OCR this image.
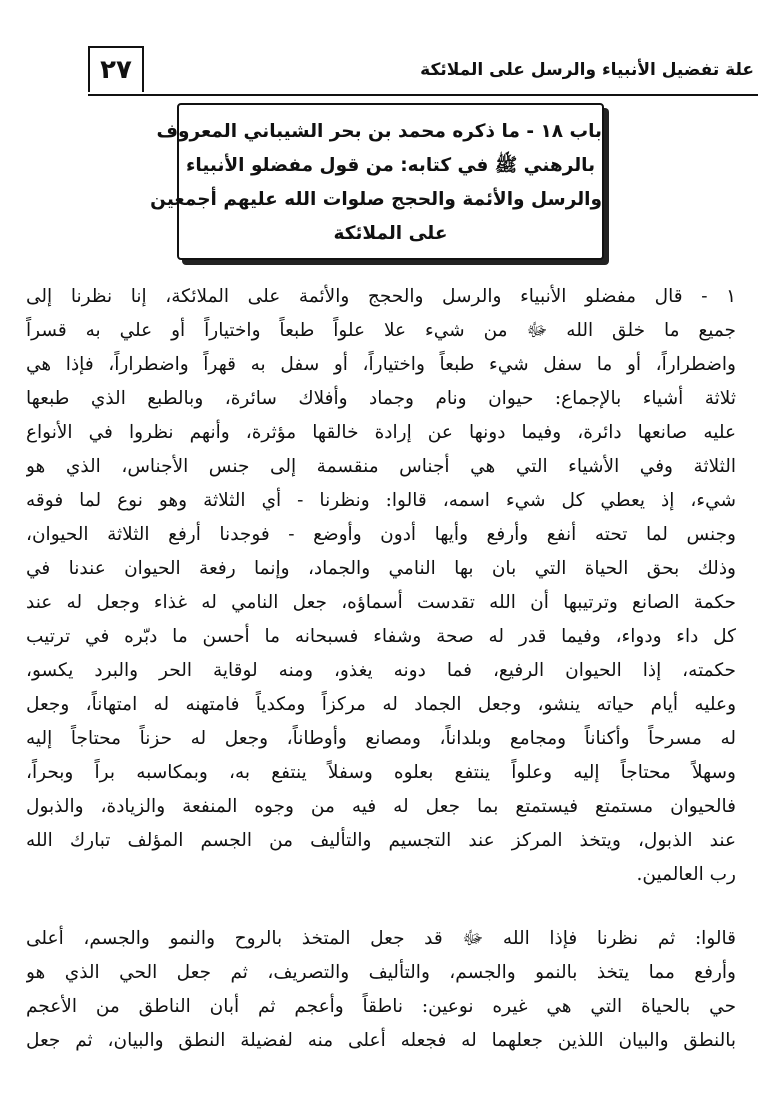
٢٧	علة تفضيل الأنبياء والرسل على الملائكة
باب ١٨ - ما ذكره محمد بن بحر الشيباني المعروف
بالرهني ﷺ في كتابه: من قول مفضلو الأنبياء
والرسل والأئمة والحجج صلوات الله عليهم أجمعين
على الملائكة
١ - قال مفضلو الأنبياء والرسل والحجج والأئمة على الملائكة، إنا نظرنا إلى
جميع ما خلق الله ﷻ من شيء علا علواً طبعاً واختياراً أو علي به قسراً
واضطراراً، أو ما سفل شيء طبعاً واختياراً، أو سفل به قهراً واضطراراً، فإذا هي
ثلاثة أشياء بالإجماع: حيوان ونام وجماد وأفلاك سائرة، وبالطبع الذي طبعها
عليه صانعها دائرة، وفيما دونها عن إرادة خالقها مؤثرة، وأنهم نظروا في الأنواع
الثلاثة وفي الأشياء التي هي أجناس منقسمة إلى جنس الأجناس، الذي هو
شيء، إذ يعطي كل شيء اسمه، قالوا: ونظرنا - أي الثلاثة وهو نوع لما فوقه
وجنس لما تحته أنفع وأرفع وأيها أدون وأوضع - فوجدنا أرفع الثلاثة الحيوان،
وذلك بحق الحياة التي بان بها النامي والجماد، وإنما رفعة الحيوان عندنا في
حكمة الصانع وترتيبها أن الله تقدست أسماؤه، جعل النامي له غذاء وجعل له عند
كل داء ودواء، وفيما قدر له صحة وشفاء فسبحانه ما أحسن ما دبّره في ترتيب
حكمته، إذا الحيوان الرفيع، فما دونه يغذو، ومنه لوقاية الحر والبرد يكسو،
وعليه أيام حياته ينشو، وجعل الجماد له مركزاً ومكدياً فامتهنه له امتهاناً، وجعل
له مسرحاً وأكناناً ومجامع وبلداناً، ومصانع وأوطاناً، وجعل له حزناً محتاجاً إليه
وسهلاً محتاجاً إليه وعلواً ينتفع بعلوه وسفلاً ينتفع به، وبمكاسبه براً وبحراً،
فالحيوان مستمتع فيستمتع بما جعل له فيه من وجوه المنفعة والزيادة، والذبول
عند الذبول، ويتخذ المركز عند التجسيم والتأليف من الجسم المؤلف تبارك الله
رب العالمين.
قالوا: ثم نظرنا فإذا الله ﷻ قد جعل المتخذ بالروح والنمو والجسم، أعلى
وأرفع مما يتخذ بالنمو والجسم، والتأليف والتصريف، ثم جعل الحي الذي هو
حي بالحياة التي هي غيره نوعين: ناطقاً وأعجم ثم أبان الناطق من الأعجم
بالنطق والبيان اللذين جعلهما له فجعله أعلى منه لفضيلة النطق والبيان، ثم جعل
